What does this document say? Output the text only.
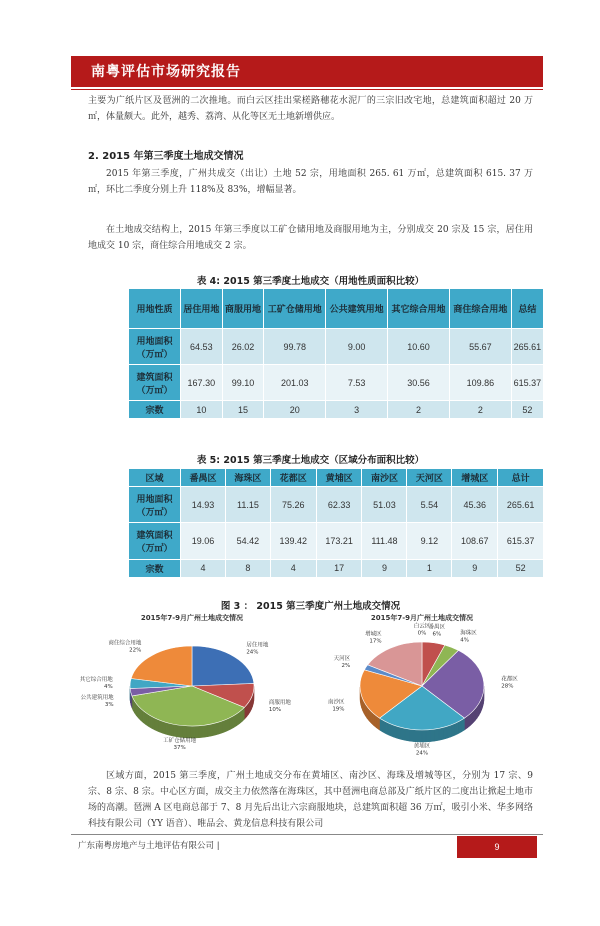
南粤评估市场研究报告
主要为广纸片区及琶洲的二次推地。而白云区挂出棠槎路穗花水泥厂的三宗旧改宅地，总建筑面积超过 20 万㎡，体量颇大。此外，越秀、荔湾、从化等区无土地新增供应。
2. 2015 年第三季度土地成交情况
2015 年第三季度，广州共成交（出让）土地 52 宗，用地面积 265. 61 万㎡，总建筑面积 615. 37 万㎡，环比二季度分别上升 118%及 83%，增幅显著。
在土地成交结构上，2015 年第三季度以工矿仓储用地及商服用地为主，分别成交 20 宗及 15 宗，居住用地成交 10 宗，商住综合用地成交 2 宗。
表 4: 2015 第三季度土地成交（用地性质面积比较）
用地性质	居住用地	商服用地	工矿仓储用地	公共建筑用地	其它综合用地	商住综合用地	总结
用地面积（万㎡）	64.53	26.02	99.78	9.00	10.60	55.67	265.61
建筑面积（万㎡）	167.30	99.10	201.03	7.53	30.56	109.86	615.37
宗数	10	15	20	3	2	2	52
表 5: 2015 第三季度土地成交（区域分布面积比较）
区域	番禺区	海珠区	花都区	黄埔区	南沙区	天河区	增城区	总计
用地面积（万㎡）	14.93	11.15	75.26	62.33	51.03	5.54	45.36	265.61
建筑面积（万㎡）	19.06	54.42	139.42	173.21	111.48	9.12	108.67	615.37
宗数	4	8	4	17	9	1	9	52
图 3 ： 2015 第三季度广州土地成交情况
2015年7-9月广州土地成交情况
居住用地
24%
商服用地
10%
工矿仓储用地
37%
公共建筑用地
3%
其它综合用地
4%
商住综合用地
22%
2015年7-9月广州土地成交情况
白云区
0%
番禺区
6%	海珠区
4%
花都区
28%
黄埔区
24%
南沙区
19%
天河区
2%
增城区
17%
区域方面，2015 第三季度，广州土地成交分布在黄埔区、南沙区、海珠及增城等区，分别为 17 宗、9 宗、8 宗、8 宗。中心区方面，成交主力依然落在海珠区，其中琶洲电商总部及广纸片区的二度出让掀起土地市场的高潮。琶洲 A 区电商总部于 7、8 月先后出让六宗商服地块，总建筑面积超 36 万㎡，吸引小米、华多网络科技有限公司（YY 语音）、唯品会、黄龙信息科技有限公司
广东南粤房地产与土地评估有限公司 |	9
